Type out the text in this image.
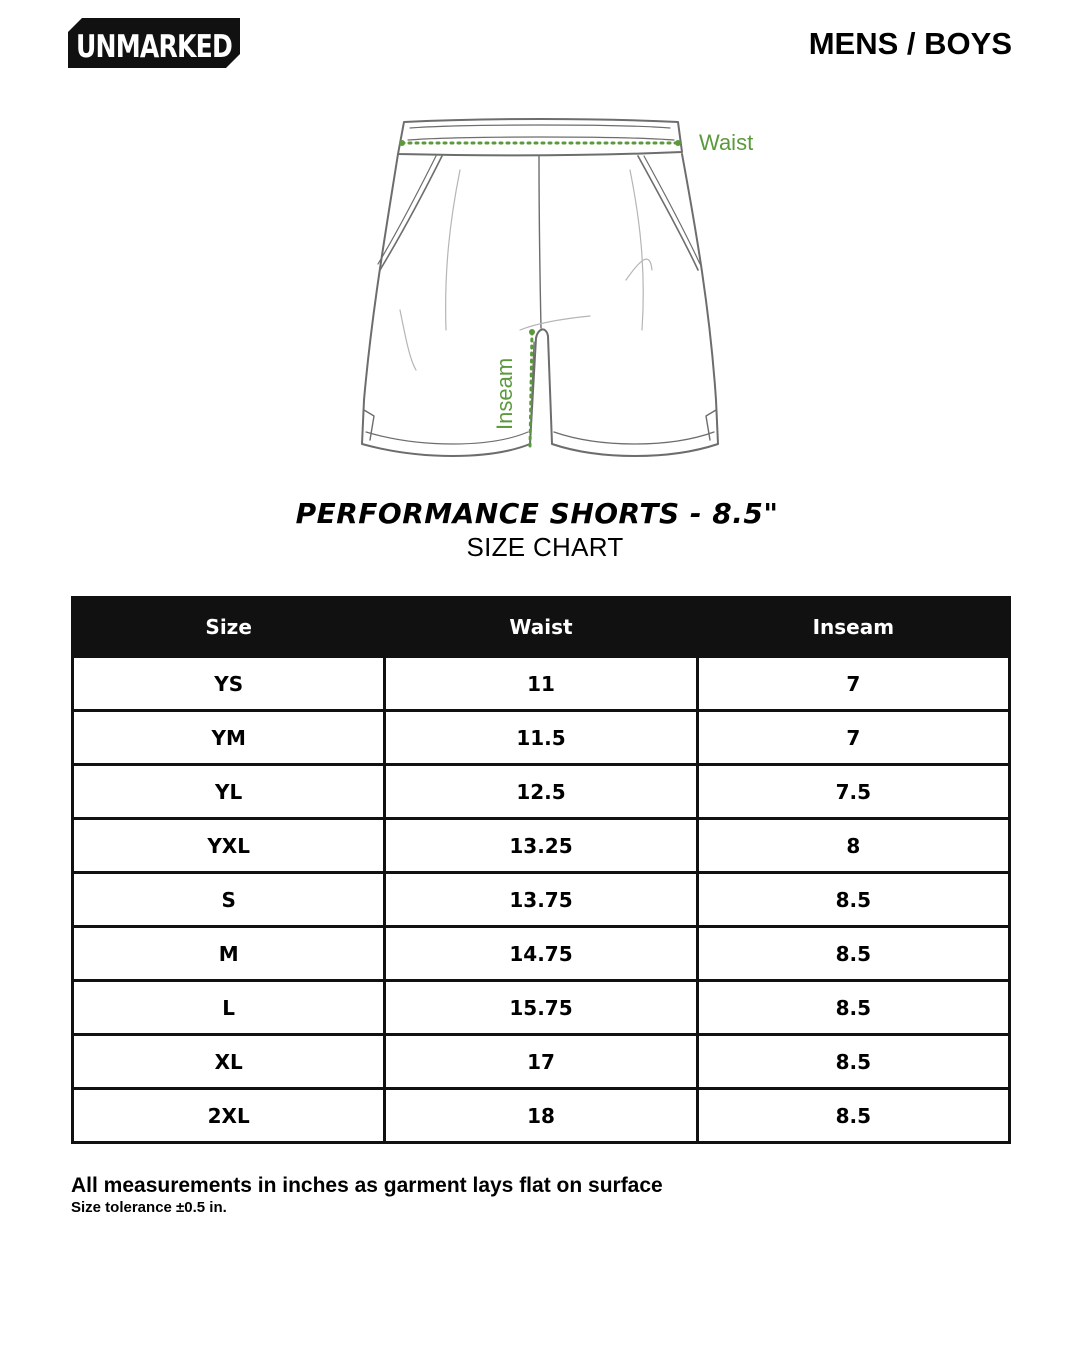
UNMARKED	MENS / BOYS
Waist
Inseam
PERFORMANCE SHORTS - 8.5"
SIZE CHART
Size	Waist	Inseam
YS	11	7
YM	11.5	7
YL	12.5	7.5
YXL	13.25	8
S	13.75	8.5
M	14.75	8.5
L	15.75	8.5
XL	17	8.5
2XL	18	8.5
All measurements in inches as garment lays flat on surface
Size tolerance ±0.5 in.
